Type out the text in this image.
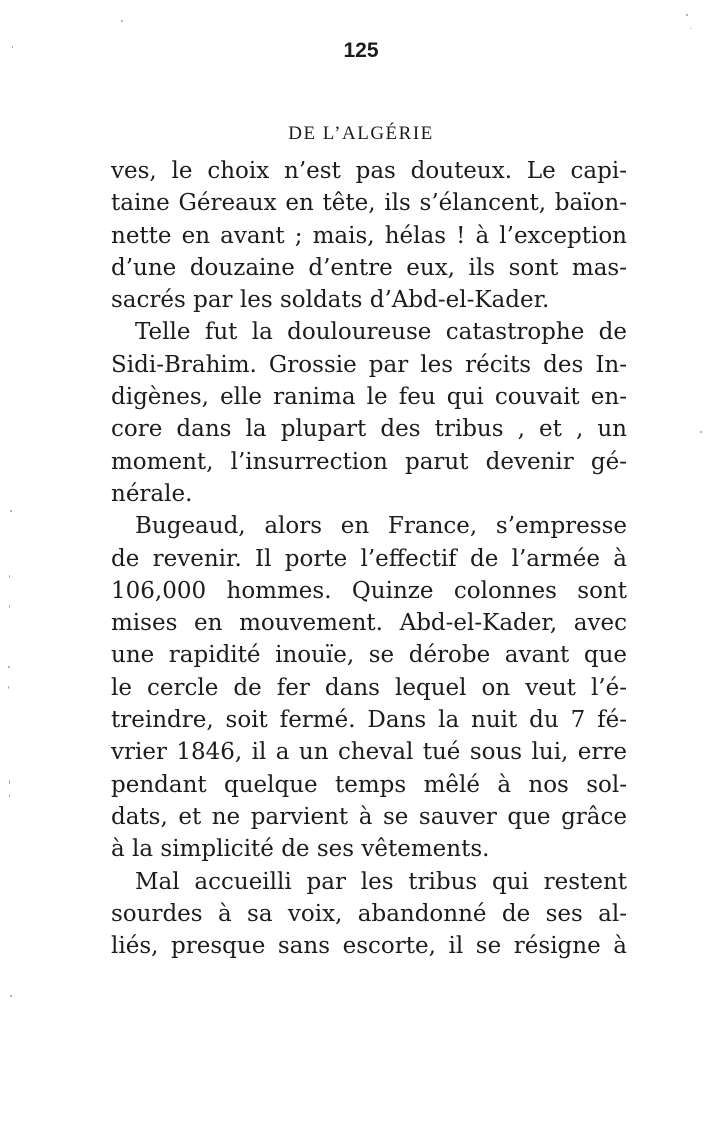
125
DE L’ALGÉRIE
ves, le choix n’est pas douteux. Le capi-
taine Géreaux en tête, ils s’élancent, baïon-
nette en avant ; mais, hélas ! à l’exception
d’une douzaine d’entre eux, ils sont mas-
sacrés par les soldats d’Abd-el-Kader.
Telle fut la douloureuse catastrophe de
Sidi-Brahim. Grossie par les récits des In-
digènes, elle ranima le feu qui couvait en-
core dans la plupart des tribus , et , un
moment, l’insurrection parut devenir gé-
nérale.
Bugeaud, alors en France, s’empresse
de revenir. Il porte l’effectif de l’armée à
106,000 hommes. Quinze colonnes sont
mises en mouvement. Abd-el-Kader, avec
une rapidité inouïe, se dérobe avant que
le cercle de fer dans lequel on veut l’é-
treindre, soit fermé. Dans la nuit du 7 fé-
vrier 1846, il a un cheval tué sous lui, erre
pendant quelque temps mêlé à nos sol-
dats, et ne parvient à se sauver que grâce
à la simplicité de ses vêtements.
Mal accueilli par les tribus qui restent
sourdes à sa voix, abandonné de ses al-
liés, presque sans escorte, il se résigne à
